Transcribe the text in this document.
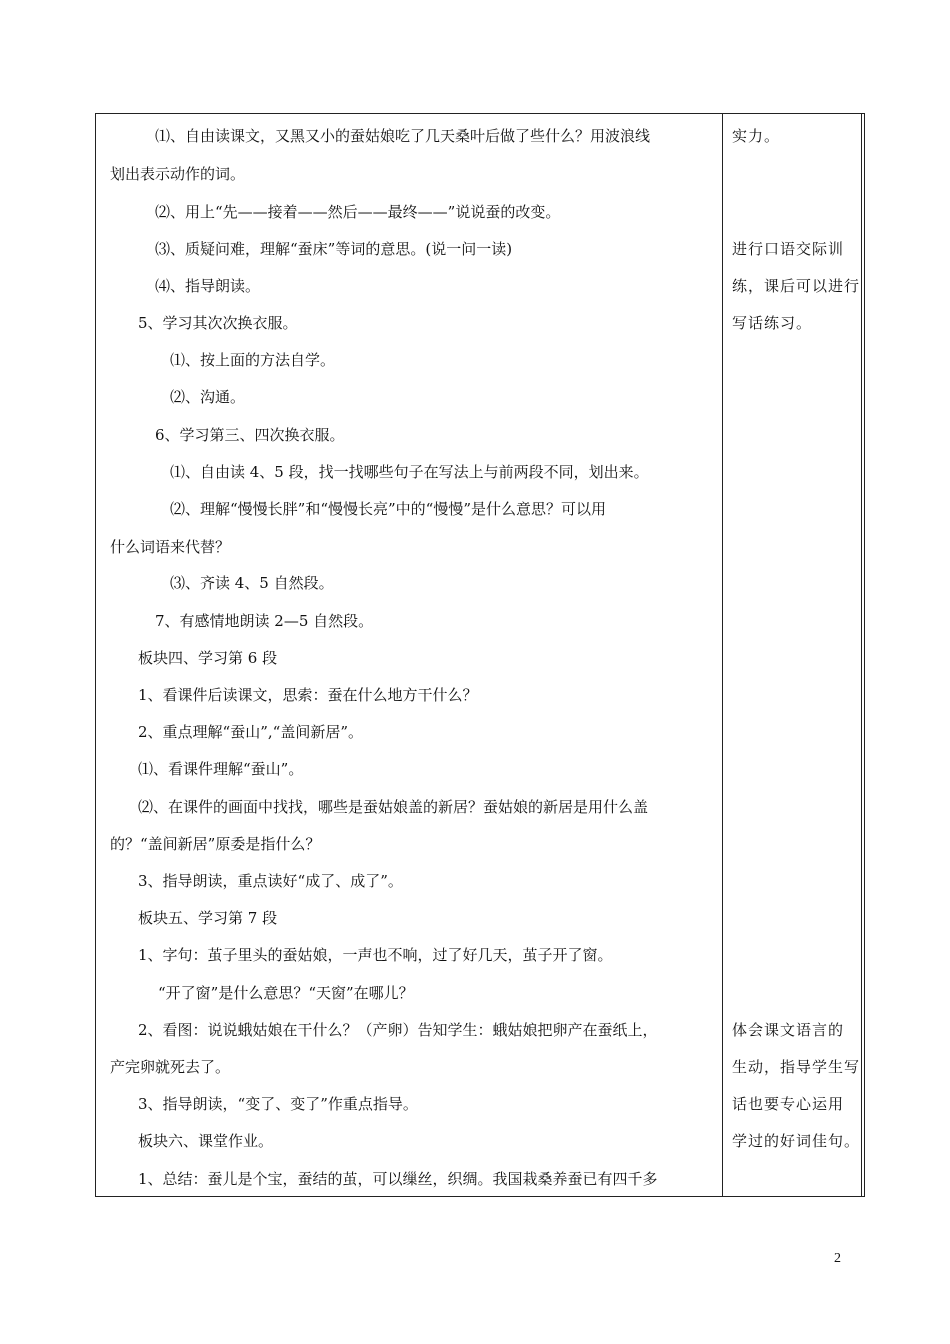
⑴、自由读课文，又黑又小的蚕姑娘吃了几天桑叶后做了些什么？用波浪线
划出表示动作的词。
⑵、用上“先——接着——然后——最终——”说说蚕的改变。
⑶、质疑问难，理解“蚕床”等词的意思。(说一问一读)
⑷、指导朗读。
5、学习其次次换衣服。
⑴、按上面的方法自学。
⑵、沟通。
6、学习第三、四次换衣服。
⑴、自由读 4、5 段，找一找哪些句子在写法上与前两段不同，划出来。
⑵、理解“慢慢长胖”和“慢慢长亮”中的“慢慢”是什么意思？可以用
什么词语来代替？
⑶、齐读 4、5 自然段。
7、有感情地朗读 2—5 自然段。
板块四、学习第 6 段
1、看课件后读课文，思索：蚕在什么地方干什么？
2、重点理解“蚕山”,“盖间新居”。
⑴、看课件理解“蚕山”。
⑵、在课件的画面中找找，哪些是蚕姑娘盖的新居？蚕姑娘的新居是用什么盖
的？“盖间新居”原委是指什么？
3、指导朗读，重点读好“成了、成了”。
板块五、学习第 7 段
1、字句：茧子里头的蚕姑娘，一声也不响，过了好几天，茧子开了窗。
“开了窗”是什么意思？“天窗”在哪儿？
2、看图：说说蛾姑娘在干什么？（产卵）告知学生：蛾姑娘把卵产在蚕纸上，
产完卵就死去了。
3、指导朗读，“变了、变了”作重点指导。
板块六、课堂作业。
1、总结：蚕儿是个宝，蚕结的茧，可以缫丝，织绸。我国栽桑养蚕已有四千多
实力。
进行口语交际训
练，课后可以进行
写话练习。
体会课文语言的
生动，指导学生写
话也要专心运用
学过的好词佳句。
2
